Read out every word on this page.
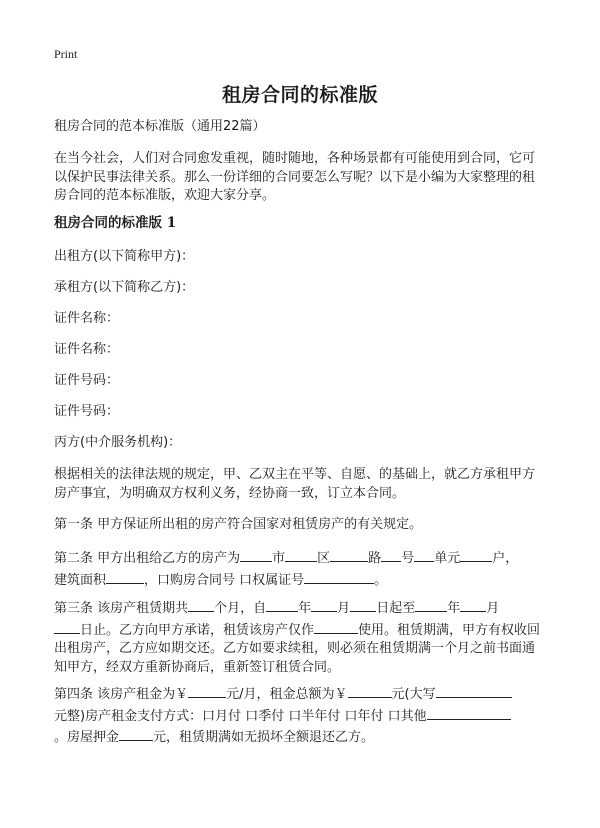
Print
租房合同的标准版

租房合同的范本标准版（通用22篇）

在当今社会，人们对合同愈发重视，随时随地，各种场景都有可能使用到合同，它可以保护民事法律关系。那么一份详细的合同要怎么写呢？以下是小编为大家整理的租房合同的范本标准版，欢迎大家分享。

租房合同的标准版 1

出租方(以下简称甲方)：

承租方(以下简称乙方)：

证件名称：

证件名称：

证件号码：

证件号码：

丙方(中介服务机构)：

根据相关的法律法规的规定，甲、乙双主在平等、自愿、的基础上，就乙方承租甲方房产事宜，为明确双方权利义务，经协商一致，订立本合同。

第一条 甲方保证所出租的房产符合国家对租赁房产的有关规定。

第二条 甲方出租给乙方的房产为 市 区	路 号 单元 户，
建筑面积	，口购房合同号 口权属证号	。

第三条 该房产租赁期共 个月，自 年 月 日起至 年 月
日止。乙方向甲方承诺，租赁该房产仅作	使用。租赁期满，甲方有权收回出租房产，乙方应如期交还。乙方如要求续租，则必须在租赁期满一个月之前书面通知甲方，经双方重新协商后，重新签订租赁合同。

第四条 该房产租金为￥	元/月，租金总额为￥	元(大写
元整)房产租金支付方式：口月付 口季付 口半年付 口年付 口其他
。房屋押金	元，租赁期满如无损坏全额退还乙方。
